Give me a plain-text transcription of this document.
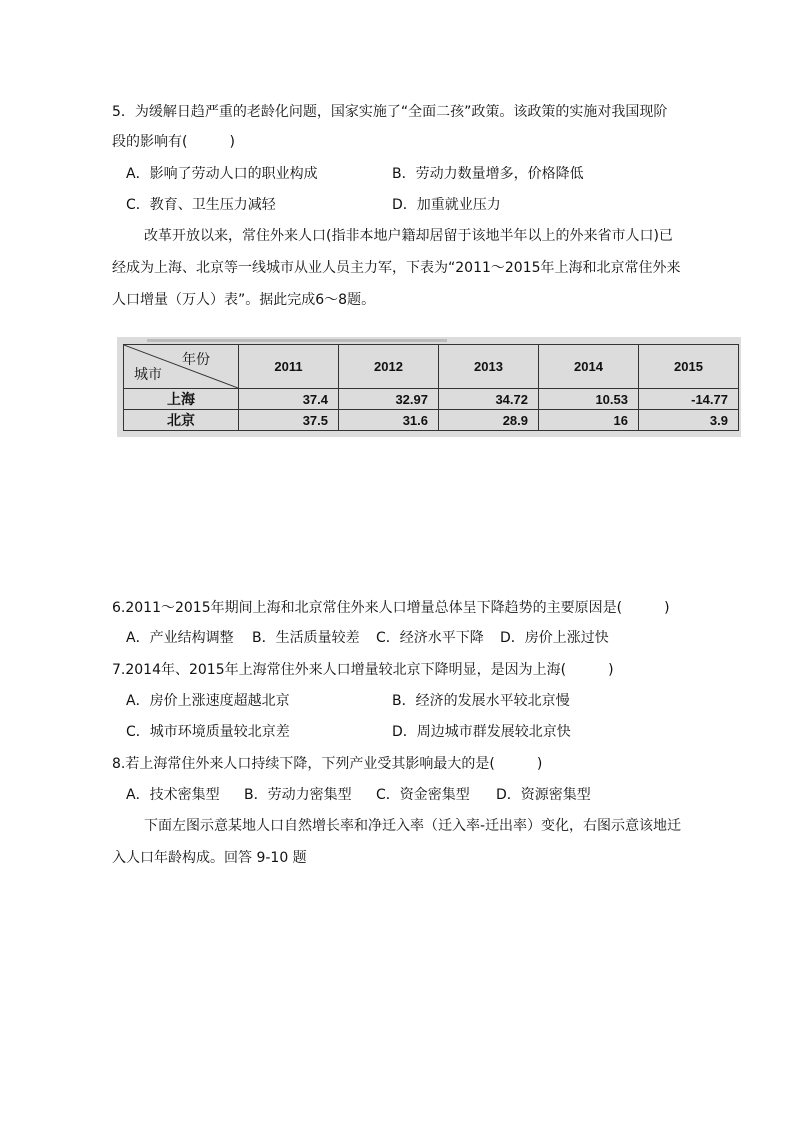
5．为缓解日趋严重的老龄化问题，国家实施了“全面二孩”政策。该政策的实施对我国现阶
段的影响有(　　　)
A．影响了劳动人口的职业构成	B．劳动力数量增多，价格降低
C．教育、卫生压力减轻	D．加重就业压力
改革开放以来，常住外来人口(指非本地户籍却居留于该地半年以上的外来省市人口)已
经成为上海、北京等一线城市从业人员主力军，下表为“2011～2015年上海和北京常住外来
人口增量（万人）表”。据此完成6～8题。
年份
城市	2011	2012	2013	2014	2015
上海	37.4	32.97	34.72	10.53	-14.77
北京	37.5	31.6	28.9	16	3.9
6.2011～2015年期间上海和北京常住外来人口增量总体呈下降趋势的主要原因是(　　　)
A．产业结构调整 B．生活质量较差 C．经济水平下降 D．房价上涨过快
7.2014年、2015年上海常住外来人口增量较北京下降明显，是因为上海(　　　)
A．房价上涨速度超越北京	B．经济的发展水平较北京慢
C．城市环境质量较北京差	D．周边城市群发展较北京快
8.若上海常住外来人口持续下降，下列产业受其影响最大的是(　　　)
A．技术密集型 B．劳动力密集型 C．资金密集型 D．资源密集型
下面左图示意某地人口自然增长率和净迁入率（迁入率-迁出率）变化，右图示意该地迁
入人口年龄构成。回答 9-10 题
